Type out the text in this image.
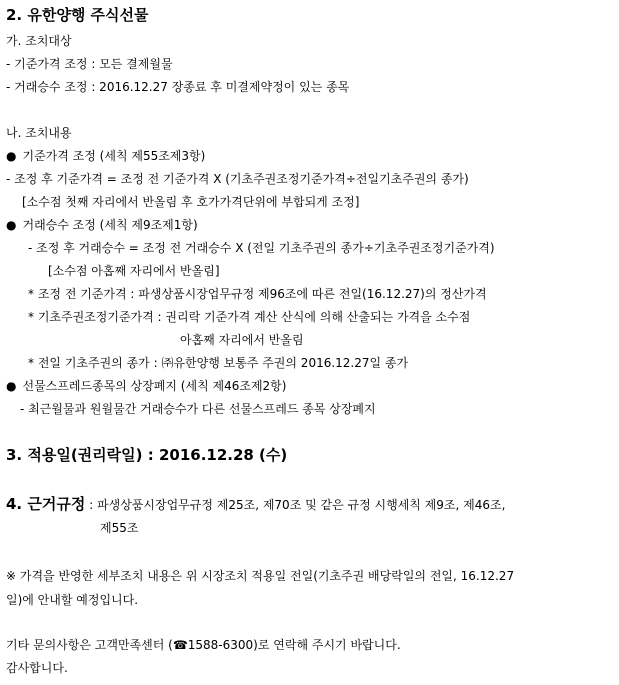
2. 유한양행 주식선물
가. 조치대상
- 기준가격 조정 : 모든 결제월물
- 거래승수 조정 : 2016.12.27 장종료 후 미결제약정이 있는 종목
나. 조치내용
● 기준가격 조정 (세칙 제55조제3항)
- 조정 후 기준가격 = 조정 전 기준가격 X (기초주권조정기준가격÷전일기초주권의 종가)
[소수점 첫째 자리에서 반올림 후 호가가격단위에 부합되게 조정]
● 거래승수 조정 (세칙 제9조제1항)
- 조정 후 거래승수 = 조정 전 거래승수 X (전일 기초주권의 종가÷기초주권조정기준가격)
[소수점 아홉째 자리에서 반올림]
* 조정 전 기준가격 : 파생상품시장업무규정 제96조에 따른 전일(16.12.27)의 정산가격
* 기초주권조정기준가격 : 권리락 기준가격 계산 산식에 의해 산출되는 가격을 소수점
아홉째 자리에서 반올림
* 전일 기초주권의 종가 : ㈜유한양행 보통주 주권의 2016.12.27일 종가
● 선물스프레드종목의 상장폐지 (세칙 제46조제2항)
- 최근월물과 원월물간 거래승수가 다른 선물스프레드 종목 상장폐지
3. 적용일(권리락일) : 2016.12.28 (수)
4. 근거규정 : 파생상품시장업무규정 제25조, 제70조 및 같은 규정 시행세칙 제9조, 제46조,
제55조
※ 가격을 반영한 세부조치 내용은 위 시장조치 적용일 전일(기초주권 배당락일의 전일, 16.12.27
일)에 안내할 예정입니다.
기타 문의사항은 고객만족센터 (☎1588-6300)로 연락해 주시기 바랍니다.
감사합니다.
